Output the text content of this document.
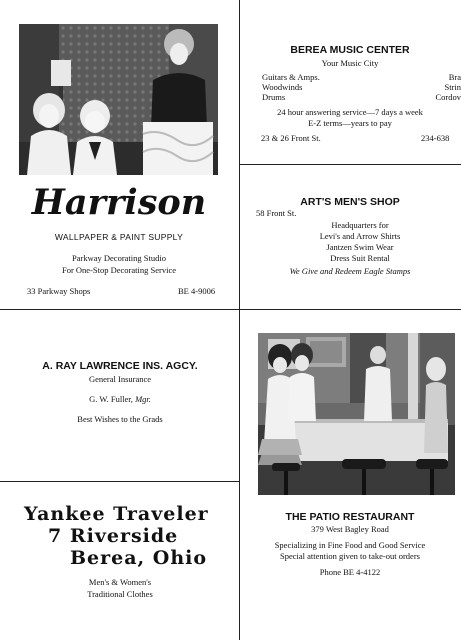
Harrison
WALLPAPER & PAINT SUPPLY
Parkway Decorating Studio
For One-Stop Decorating Service
33 Parkway Shops	BE 4-9006
BEREA MUSIC CENTER
Your Music City
Guitars & Amps.
Woodwinds
Drums
Bra
Strin
Cordov
24 hour answering service—7 days a week
E-Z terms—years to pay
23 & 26 Front St.	234-638
ART'S MEN'S SHOP
58 Front St.
Headquarters for
Levi's and Arrow Shirts
Jantzen Swim Wear
Dress Suit Rental
We Give and Redeem Eagle Stamps
A. RAY LAWRENCE INS. AGCY.
General Insurance
G. W. Fuller, Mgr.
Best Wishes to the Grads
Yankee Traveler
7 Riverside
Berea, Ohio
Men's & Women's
Traditional Clothes
THE PATIO RESTAURANT
379 West Bagley Road
Specializing in Fine Food and Good Service
Special attention given to take-out orders
Phone BE 4-4122
